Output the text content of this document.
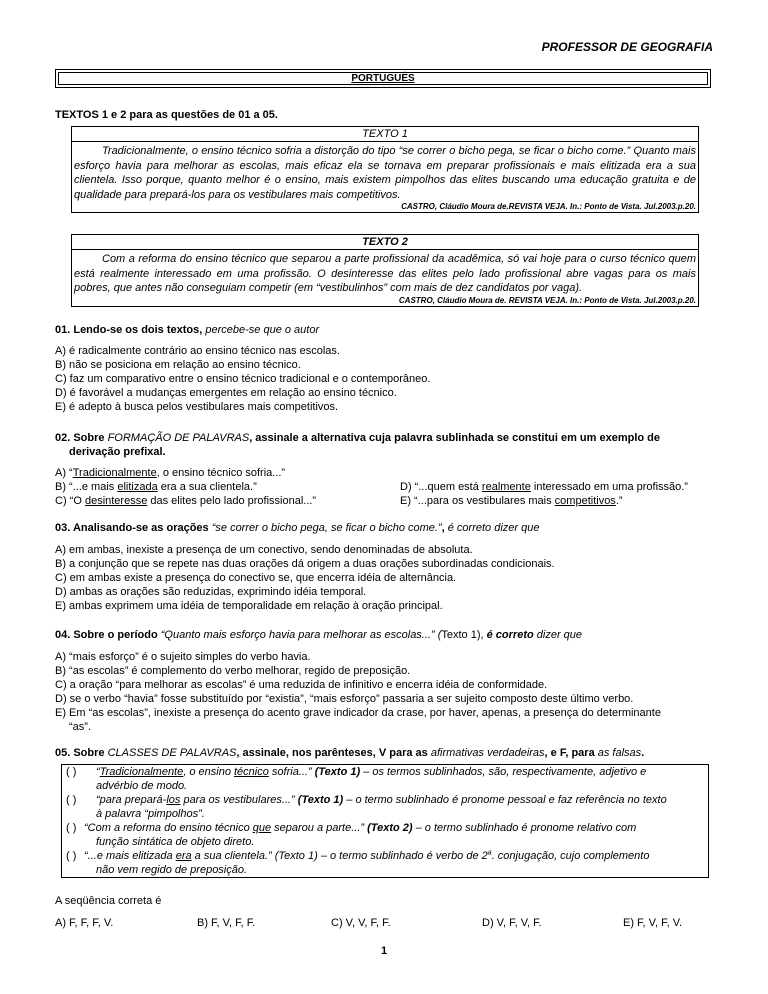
PROFESSOR DE GEOGRAFIA
PORTUGUÊS
TEXTOS 1 e 2 para as questões de 01 a 05.
TEXTO 1
Tradicionalmente, o ensino técnico sofria a distorção do tipo “se correr o bicho pega, se ficar o bicho come.” Quanto mais esforço havia para melhorar as escolas, mais eficaz ela se tornava em preparar profissionais e mais elitizada era a sua clientela. Isso porque, quanto melhor é o ensino, mais existem pimpolhos das elites buscando uma educação gratuita e de qualidade para prepará-los para os vestibulares mais competitivos.
CASTRO, Cláudio Moura de.REVISTA VEJA. In.: Ponto de Vista. Jul.2003.p.20.
TEXTO 2
Com a reforma do ensino técnico que separou a parte profissional da acadêmica, só vai hoje para o curso técnico quem está realmente interessado em uma profissão. O desinteresse das elites pelo lado profissional abre vagas para os mais pobres, que antes não conseguiam competir (em “vestibulinhos” com mais de dez candidatos por vaga).
CASTRO, Cláudio Moura de. REVISTA VEJA. In.: Ponto de Vista. Jul.2003.p.20.
01. Lendo-se os dois textos, percebe-se que o autor
A) é radicalmente contrário ao ensino técnico nas escolas.
B) não se posiciona em relação ao ensino técnico.
C) faz um comparativo entre o ensino técnico tradicional e o contemporâneo.
D) é favorável a mudanças emergentes em relação ao ensino técnico.
E) é adepto à busca pelos vestibulares mais competitivos.
02. Sobre FORMAÇÃO DE PALAVRAS, assinale a alternativa cuja palavra sublinhada se constitui em um exemplo de
derivação prefixal.
A) “Tradicionalmente, o ensino técnico sofria...”
B) “...e mais elitizada era a sua clientela.”
C) “O desinteresse das elites pelo lado profissional...”
D) “...quem está realmente interessado em uma profissão.”
E) “...para os vestibulares mais competitivos.”
03. Analisando-se as orações “se correr o bicho pega, se ficar o bicho come.”, é correto dizer que
A) em ambas, inexiste a presença de um conectivo, sendo denominadas de absoluta.
B) a conjunção que se repete nas duas orações dá origem a duas orações subordinadas condicionais.
C) em ambas existe a presença do conectivo se, que encerra idéia de alternância.
D) ambas as orações são reduzidas, exprimindo idéia temporal.
E) ambas exprimem uma idéia de temporalidade em relação à oração principal.
04. Sobre o período “Quanto mais esforço havia para melhorar as escolas...” (Texto 1), é correto dizer que
A) “mais esforço” é o sujeito simples do verbo havia.
B) “as escolas” é complemento do verbo melhorar, regido de preposição.
C) a oração “para melhorar as escolas” é uma reduzida de infinitivo e encerra idéia de conformidade.
D) se o verbo “havia” fosse substituído por “existia”, “mais esforço” passaria a ser sujeito composto deste último verbo.
E) Em “as escolas”, inexiste a presença do acento grave indicador da crase, por haver, apenas, a presença do determinante
“as”.
05. Sobre CLASSES DE PALAVRAS, assinale, nos parênteses, V para as afirmativas verdadeiras, e F, para as falsas.
( ) “Tradicionalmente, o ensino técnico sofria...” (Texto 1) – os termos sublinhados, são, respectivamente, adjetivo e
advérbio de modo.
( ) “para prepará-los para os vestibulares...” (Texto 1) – o termo sublinhado é pronome pessoal e faz referência no texto
à palavra “pimpolhos”.
( ) “Com a reforma do ensino técnico que separou a parte...” (Texto 2) – o termo sublinhado é pronome relativo com
função sintática de objeto direto.
( ) “...e mais elitizada era a sua clientela.” (Texto 1) – o termo sublinhado é verbo de 2$^a$. conjugação, cujo complemento
não vem regido de preposição.
A seqüência correta é
A) F, F, F, V.	B) F, V, F, F.	C) V, V, F, F.	D) V, F, V, F.	E) F, V, F, V.
1
